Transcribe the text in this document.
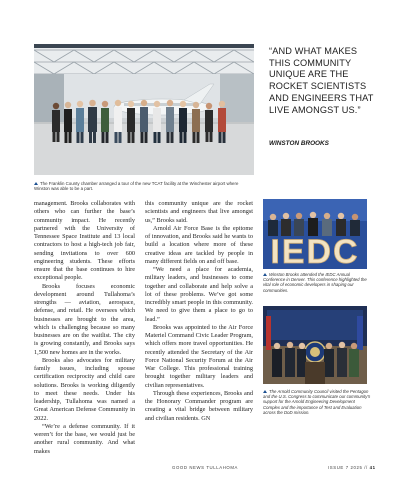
The Franklin County chamber arranged a tour of the new TCAT facility at the Winchester airport where Winston was able to be a part.
“AND WHAT MAKES THIS COMMUNITY UNIQUE ARE THE ROCKET SCIENTISTS AND ENGINEERS THAT LIVE AMONGST US.”
WINSTON BROOKS

management. Brooks collaborates with others who can further the base’s community impact. He recently partnered with the University of Tennessee Space Institute and 13 local contractors to host a high-tech job fair, sending invitations to over 600 engineering students. These efforts ensure that the base continues to hire exceptional people.

Brooks focuses economic development around Tullahoma’s strengths — aviation, aerospace, defense, and retail. He oversees which businesses are brought to the area, which is challenging because so many businesses are on the waitlist. The city is growing constantly, and Brooks says 1,500 new homes are in the works.

Brooks also advocates for military family issues, including spouse certification reciprocity and child care solutions. Brooks is working diligently to meet these needs. Under his leadership, Tullahoma was named a Great American Defense Community in 2022.

“We’re a defense community. If it weren’t for the base, we would just be another rural community. And what makes

this community unique are the rocket scientists and engineers that live amongst us,” Brooks said.

Arnold Air Force Base is the epitome of innovation, and Brooks said he wants to build a location where more of these creative ideas are tackled by people in many different fields on and off base.

“We need a place for academia, military leaders, and businesses to come together and collaborate and help solve a lot of these problems. We’ve got some incredibly smart people in this community. We need to give them a place to go to lead.”

Brooks was appointed to the Air Force Materiel Command Civic Leader Program, which offers more travel opportunities. He recently attended the Secretary of the Air Force National Security Forum at the Air War College. This professional training brought together military leaders and civilian representatives.

Through these experiences, Brooks and the Honorary Commander program are creating a vital bridge between military and civilian residents. GN

IEDC
Winston Brooks attended the IEDC Annual Conference in Denver. This conference highlighted the vital role of economic developers in shaping our communities.
The Arnold Community Council visited the Pentagon and the U.S. Congress to communicate our community's support for the Arnold Engineering Development Complex and the importance of Test and Evaluation across the DoD mission.
GOOD NEWS TULLAHOMA	ISSUE 7 2025 // 41
